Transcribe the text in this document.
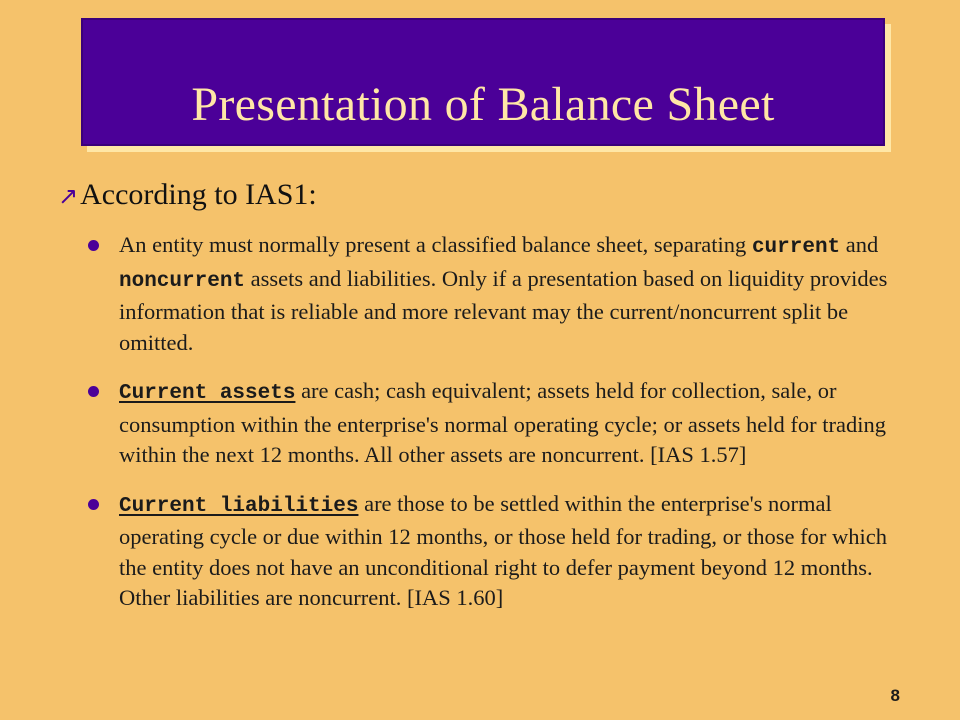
Presentation of Balance Sheet
↗ According to IAS1:
An entity must normally present a classified balance sheet, separating current and noncurrent assets and liabilities. Only if a presentation based on liquidity provides information that is reliable and more relevant may the current/noncurrent split be omitted.
Current assets are cash; cash equivalent; assets held for collection, sale, or consumption within the enterprise's normal operating cycle; or assets held for trading within the next 12 months. All other assets are noncurrent. [IAS 1.57]
Current liabilities are those to be settled within the enterprise's normal operating cycle or due within 12 months, or those held for trading, or those for which the entity does not have an unconditional right to defer payment beyond 12 months. Other liabilities are noncurrent. [IAS 1.60]
8
